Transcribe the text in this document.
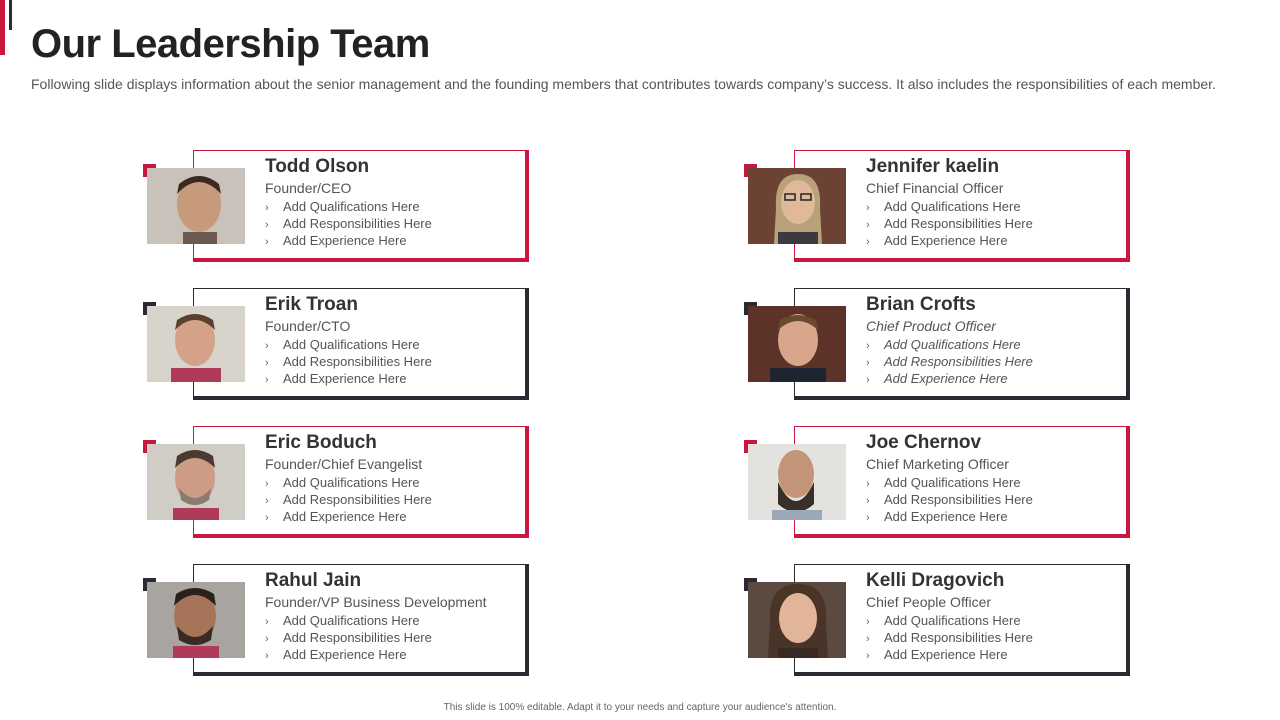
Our Leadership Team

Following slide displays information about the senior management and the founding members that contributes towards company’s success. It also includes the responsibilities of each member.

Todd Olson
Founder/CEO
› Add Qualifications Here
› Add Responsibilities Here
› Add Experience Here
Jennifer kaelin
Chief Financial Officer
› Add Qualifications Here
› Add Responsibilities Here
› Add Experience Here
Erik Troan
Founder/CTO
› Add Qualifications Here
› Add Responsibilities Here
› Add Experience Here
Brian Crofts
Chief Product Officer
› Add Qualifications Here
› Add Responsibilities Here
› Add Experience Here
Eric Boduch
Founder/Chief Evangelist
› Add Qualifications Here
› Add Responsibilities Here
› Add Experience Here
Joe Chernov
Chief Marketing Officer
› Add Qualifications Here
› Add Responsibilities Here
› Add Experience Here
Rahul Jain
Founder/VP Business Development
› Add Qualifications Here
› Add Responsibilities Here
› Add Experience Here
Kelli Dragovich
Chief People Officer
› Add Qualifications Here
› Add Responsibilities Here
› Add Experience Here
This slide is 100% editable. Adapt it to your needs and capture your audience's attention.
